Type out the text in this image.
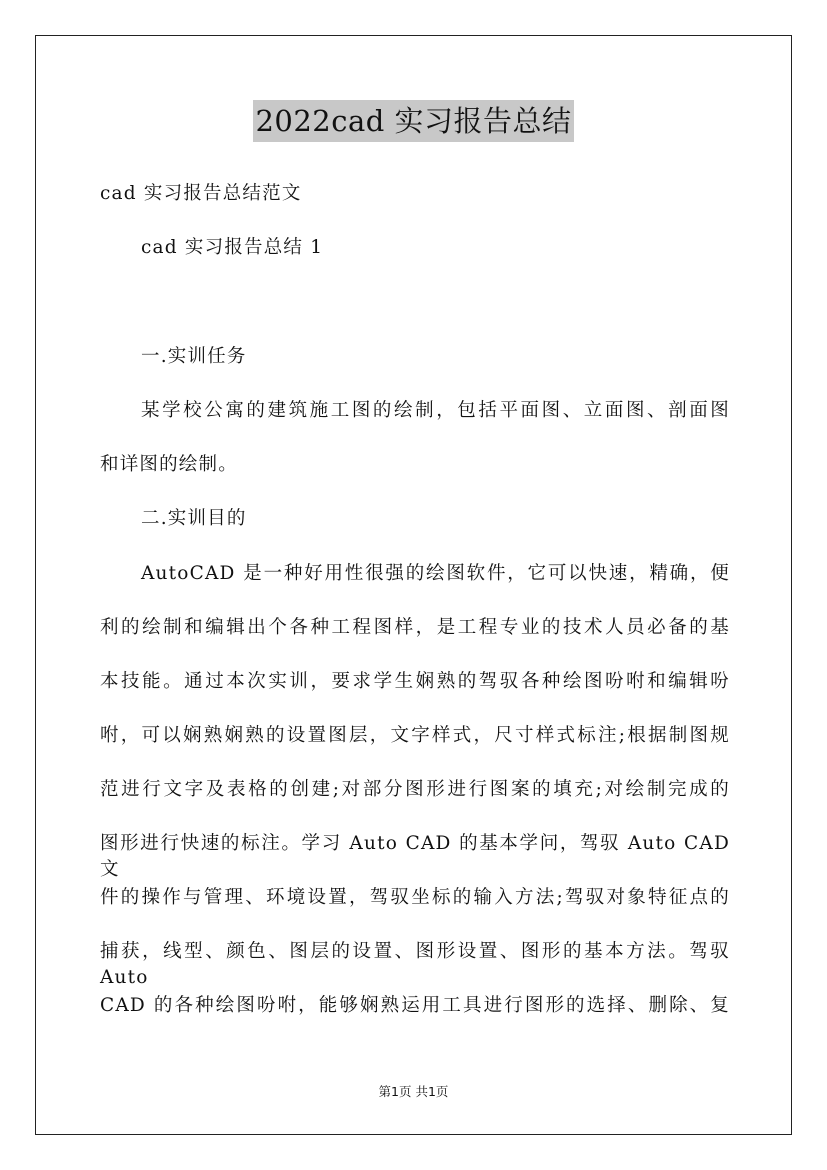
2022cad 实习报告总结
cad 实习报告总结范文
cad 实习报告总结 1
一.实训任务
某学校公寓的建筑施工图的绘制，包括平面图、立面图、剖面图
和详图的绘制。
二.实训目的
AutoCAD 是一种好用性很强的绘图软件，它可以快速，精确，便
利的绘制和编辑出个各种工程图样，是工程专业的技术人员必备的基
本技能。通过本次实训，要求学生娴熟的驾驭各种绘图吩咐和编辑吩
咐，可以娴熟娴熟的设置图层，文字样式，尺寸样式标注;根据制图规
范进行文字及表格的创建;对部分图形进行图案的填充;对绘制完成的
图形进行快速的标注。学习 Auto CAD 的基本学问，驾驭 Auto CAD 文
件的操作与管理、环境设置，驾驭坐标的输入方法;驾驭对象特征点的
捕获，线型、颜色、图层的设置、图形设置、图形的基本方法。驾驭 Auto
CAD 的各种绘图吩咐，能够娴熟运用工具进行图形的选择、删除、复
第1页 共1页
